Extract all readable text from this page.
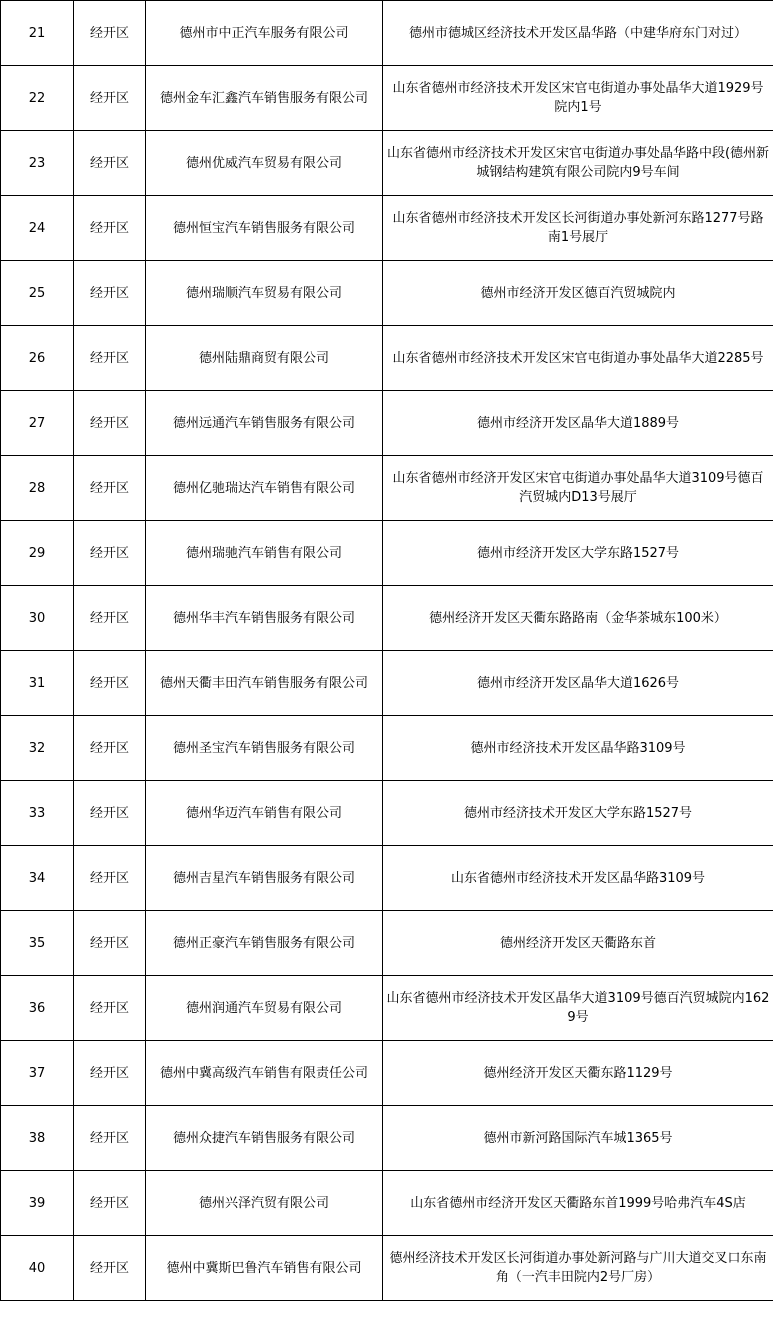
21	经开区	德州市中正汽车服务有限公司	德州市德城区经济技术开发区晶华路（中建华府东门对过）
22	经开区	德州金车汇鑫汽车销售服务有限公司	山东省德州市经济技术开发区宋官屯街道办事处晶华大道1929号院内1号
23	经开区	德州优威汽车贸易有限公司	山东省德州市经济技术开发区宋官屯街道办事处晶华路中段(德州新城钢结构建筑有限公司院内9号车间
24	经开区	德州恒宝汽车销售服务有限公司	山东省德州市经济技术开发区长河街道办事处新河东路1277号路南1号展厅
25	经开区	德州瑞顺汽车贸易有限公司	德州市经济开发区德百汽贸城院内
26	经开区	德州陆鼎商贸有限公司	山东省德州市经济技术开发区宋官屯街道办事处晶华大道2285号
27	经开区	德州远通汽车销售服务有限公司	德州市经济开发区晶华大道1889号
28	经开区	德州亿驰瑞达汽车销售有限公司	山东省德州市经济开发区宋官屯街道办事处晶华大道3109号德百汽贸城内D13号展厅
29	经开区	德州瑞驰汽车销售有限公司	德州市经济开发区大学东路1527号
30	经开区	德州华丰汽车销售服务有限公司	德州经济开发区天衢东路路南（金华茶城东100米）
31	经开区	德州天衢丰田汽车销售服务有限公司	德州市经济开发区晶华大道1626号
32	经开区	德州圣宝汽车销售服务有限公司	德州市经济技术开发区晶华路3109号
33	经开区	德州华迈汽车销售有限公司	德州市经济技术开发区大学东路1527号
34	经开区	德州吉星汽车销售服务有限公司	山东省德州市经济技术开发区晶华路3109号
35	经开区	德州正豪汽车销售服务有限公司	德州经济开发区天衢路东首
36	经开区	德州润通汽车贸易有限公司	山东省德州市经济技术开发区晶华大道3109号德百汽贸城院内1629号
37	经开区	德州中冀高级汽车销售有限责任公司	德州经济开发区天衢东路1129号
38	经开区	德州众捷汽车销售服务有限公司	德州市新河路国际汽车城1365号
39	经开区	德州兴泽汽贸有限公司	山东省德州市经济开发区天衢路东首1999号哈弗汽车4S店
40	经开区	德州中冀斯巴鲁汽车销售有限公司	德州经济技术开发区长河街道办事处新河路与广川大道交叉口东南角（一汽丰田院内2号厂房）
